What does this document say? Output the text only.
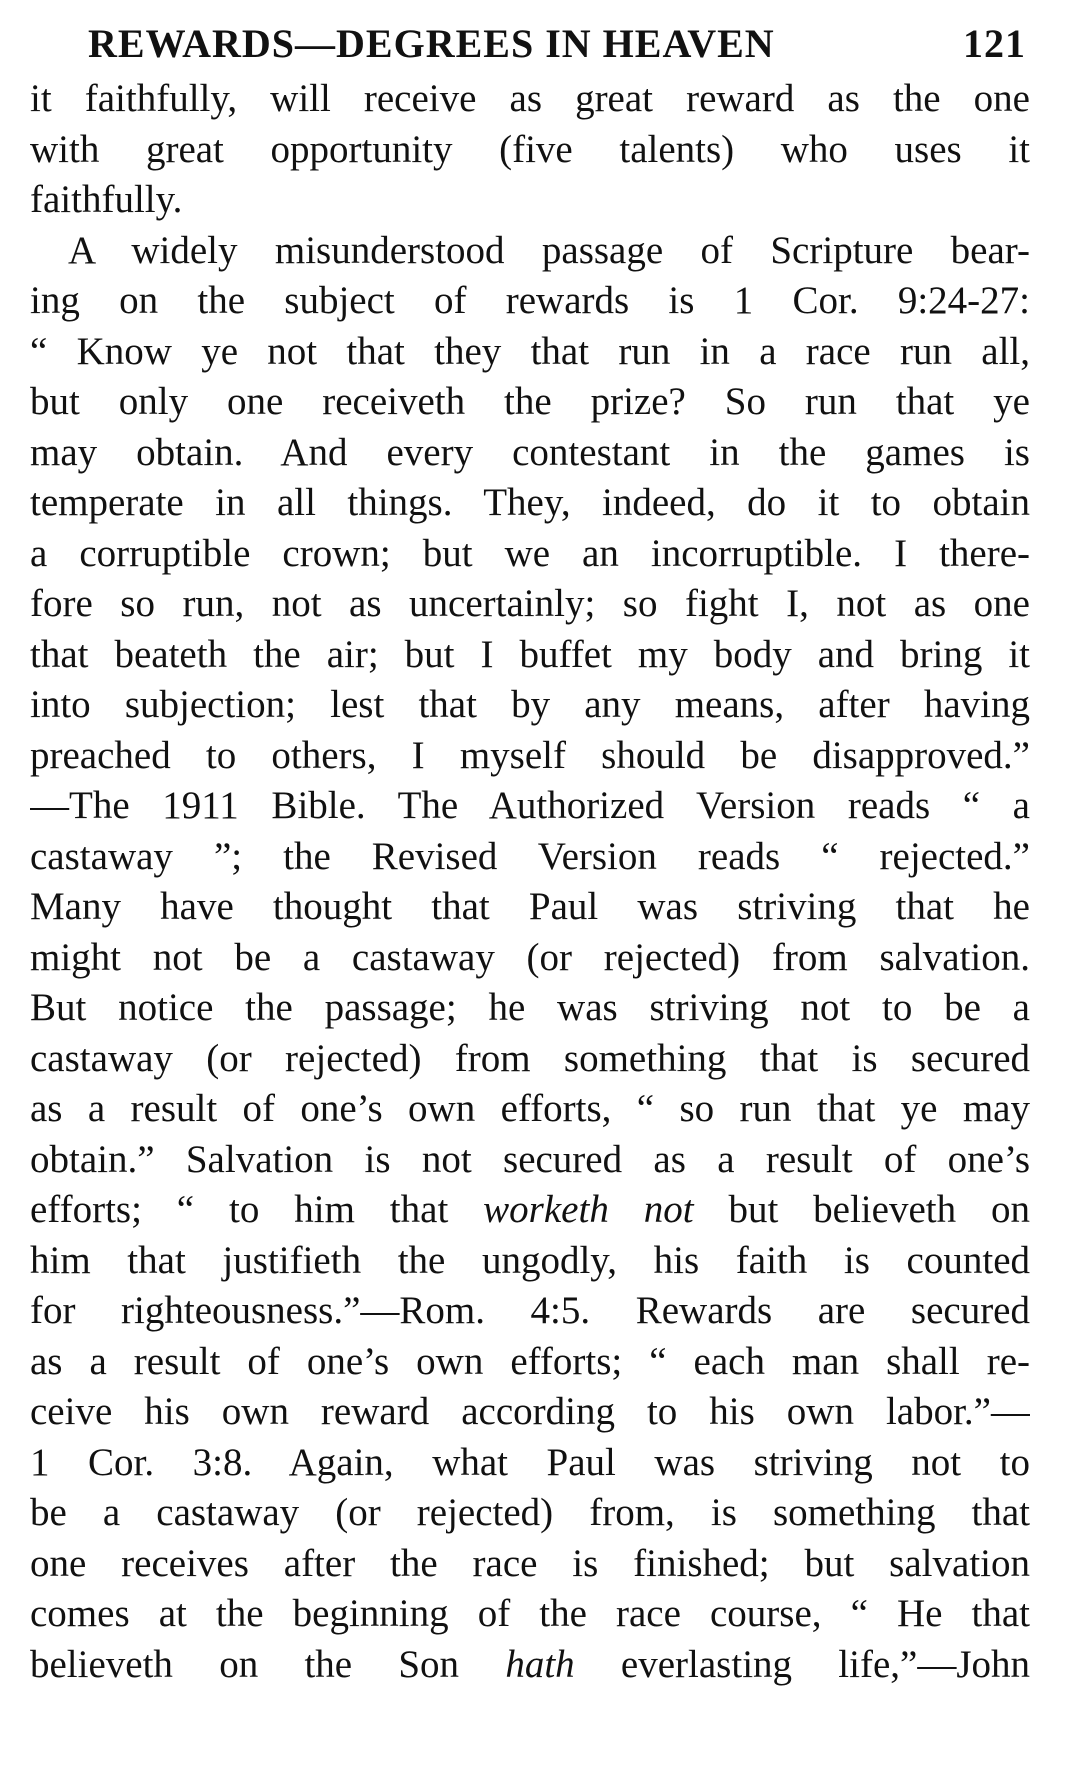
REWARDS—DEGREES IN HEAVEN	121
it faithfully, will receive as great reward as the one
with great opportunity (five talents) who uses it
faithfully.
A widely misunderstood passage of Scripture bear-
ing on the subject of rewards is 1 Cor. 9:24-27:
“ Know ye not that they that run in a race run all,
but only one receiveth the prize? So run that ye
may obtain. And every contestant in the games is
temperate in all things. They, indeed, do it to obtain
a corruptible crown; but we an incorruptible. I there-
fore so run, not as uncertainly; so fight I, not as one
that beateth the air; but I buffet my body and bring it
into subjection; lest that by any means, after having
preached to others, I myself should be disapproved.”
—The 1911 Bible. The Authorized Version reads “ a
castaway ”; the Revised Version reads “ rejected.”
Many have thought that Paul was striving that he
might not be a castaway (or rejected) from salvation.
But notice the passage; he was striving not to be a
castaway (or rejected) from something that is secured
as a result of one’s own efforts, “ so run that ye may
obtain.” Salvation is not secured as a result of one’s
efforts; “ to him that worketh not but believeth on
him that justifieth the ungodly, his faith is counted
for righteousness.”—Rom. 4:5. Rewards are secured
as a result of one’s own efforts; “ each man shall re-
ceive his own reward according to his own labor.”—
1 Cor. 3:8. Again, what Paul was striving not to
be a castaway (or rejected) from, is something that
one receives after the race is finished; but salvation
comes at the beginning of the race course, “ He that
believeth on the Son hath everlasting life,”—John
